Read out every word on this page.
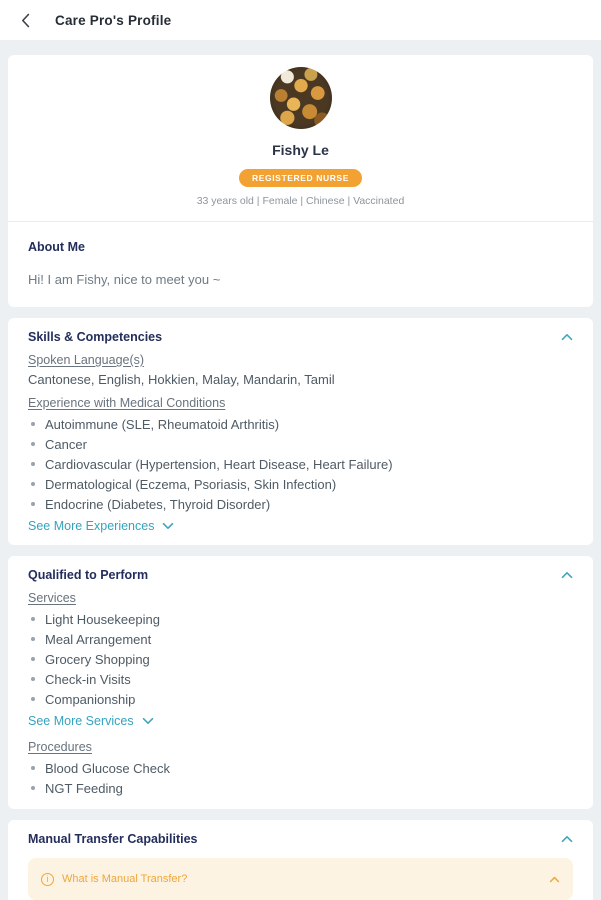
Care Pro's Profile
Fishy Le
REGISTERED NURSE
33 years old | Female | Chinese | Vaccinated
About Me

Hi! I am Fishy, nice to meet you ~

Skills & Competencies
Spoken Language(s)

Cantonese, English, Hokkien, Malay, Mandarin, Tamil

Experience with Medical Conditions
Autoimmune (SLE, Rheumatoid Arthritis)
Cancer
Cardiovascular (Hypertension, Heart Disease, Heart Failure)
Dermatological (Eczema, Psoriasis, Skin Infection)
Endocrine (Diabetes, Thyroid Disorder)
See More Experiences
Qualified to Perform
Services
Light Housekeeping
Meal Arrangement
Grocery Shopping
Check-in Visits
Companionship
See More Services
Procedures
Blood Glucose Check
NGT Feeding
Manual Transfer Capabilities
i	What is Manual Transfer?
